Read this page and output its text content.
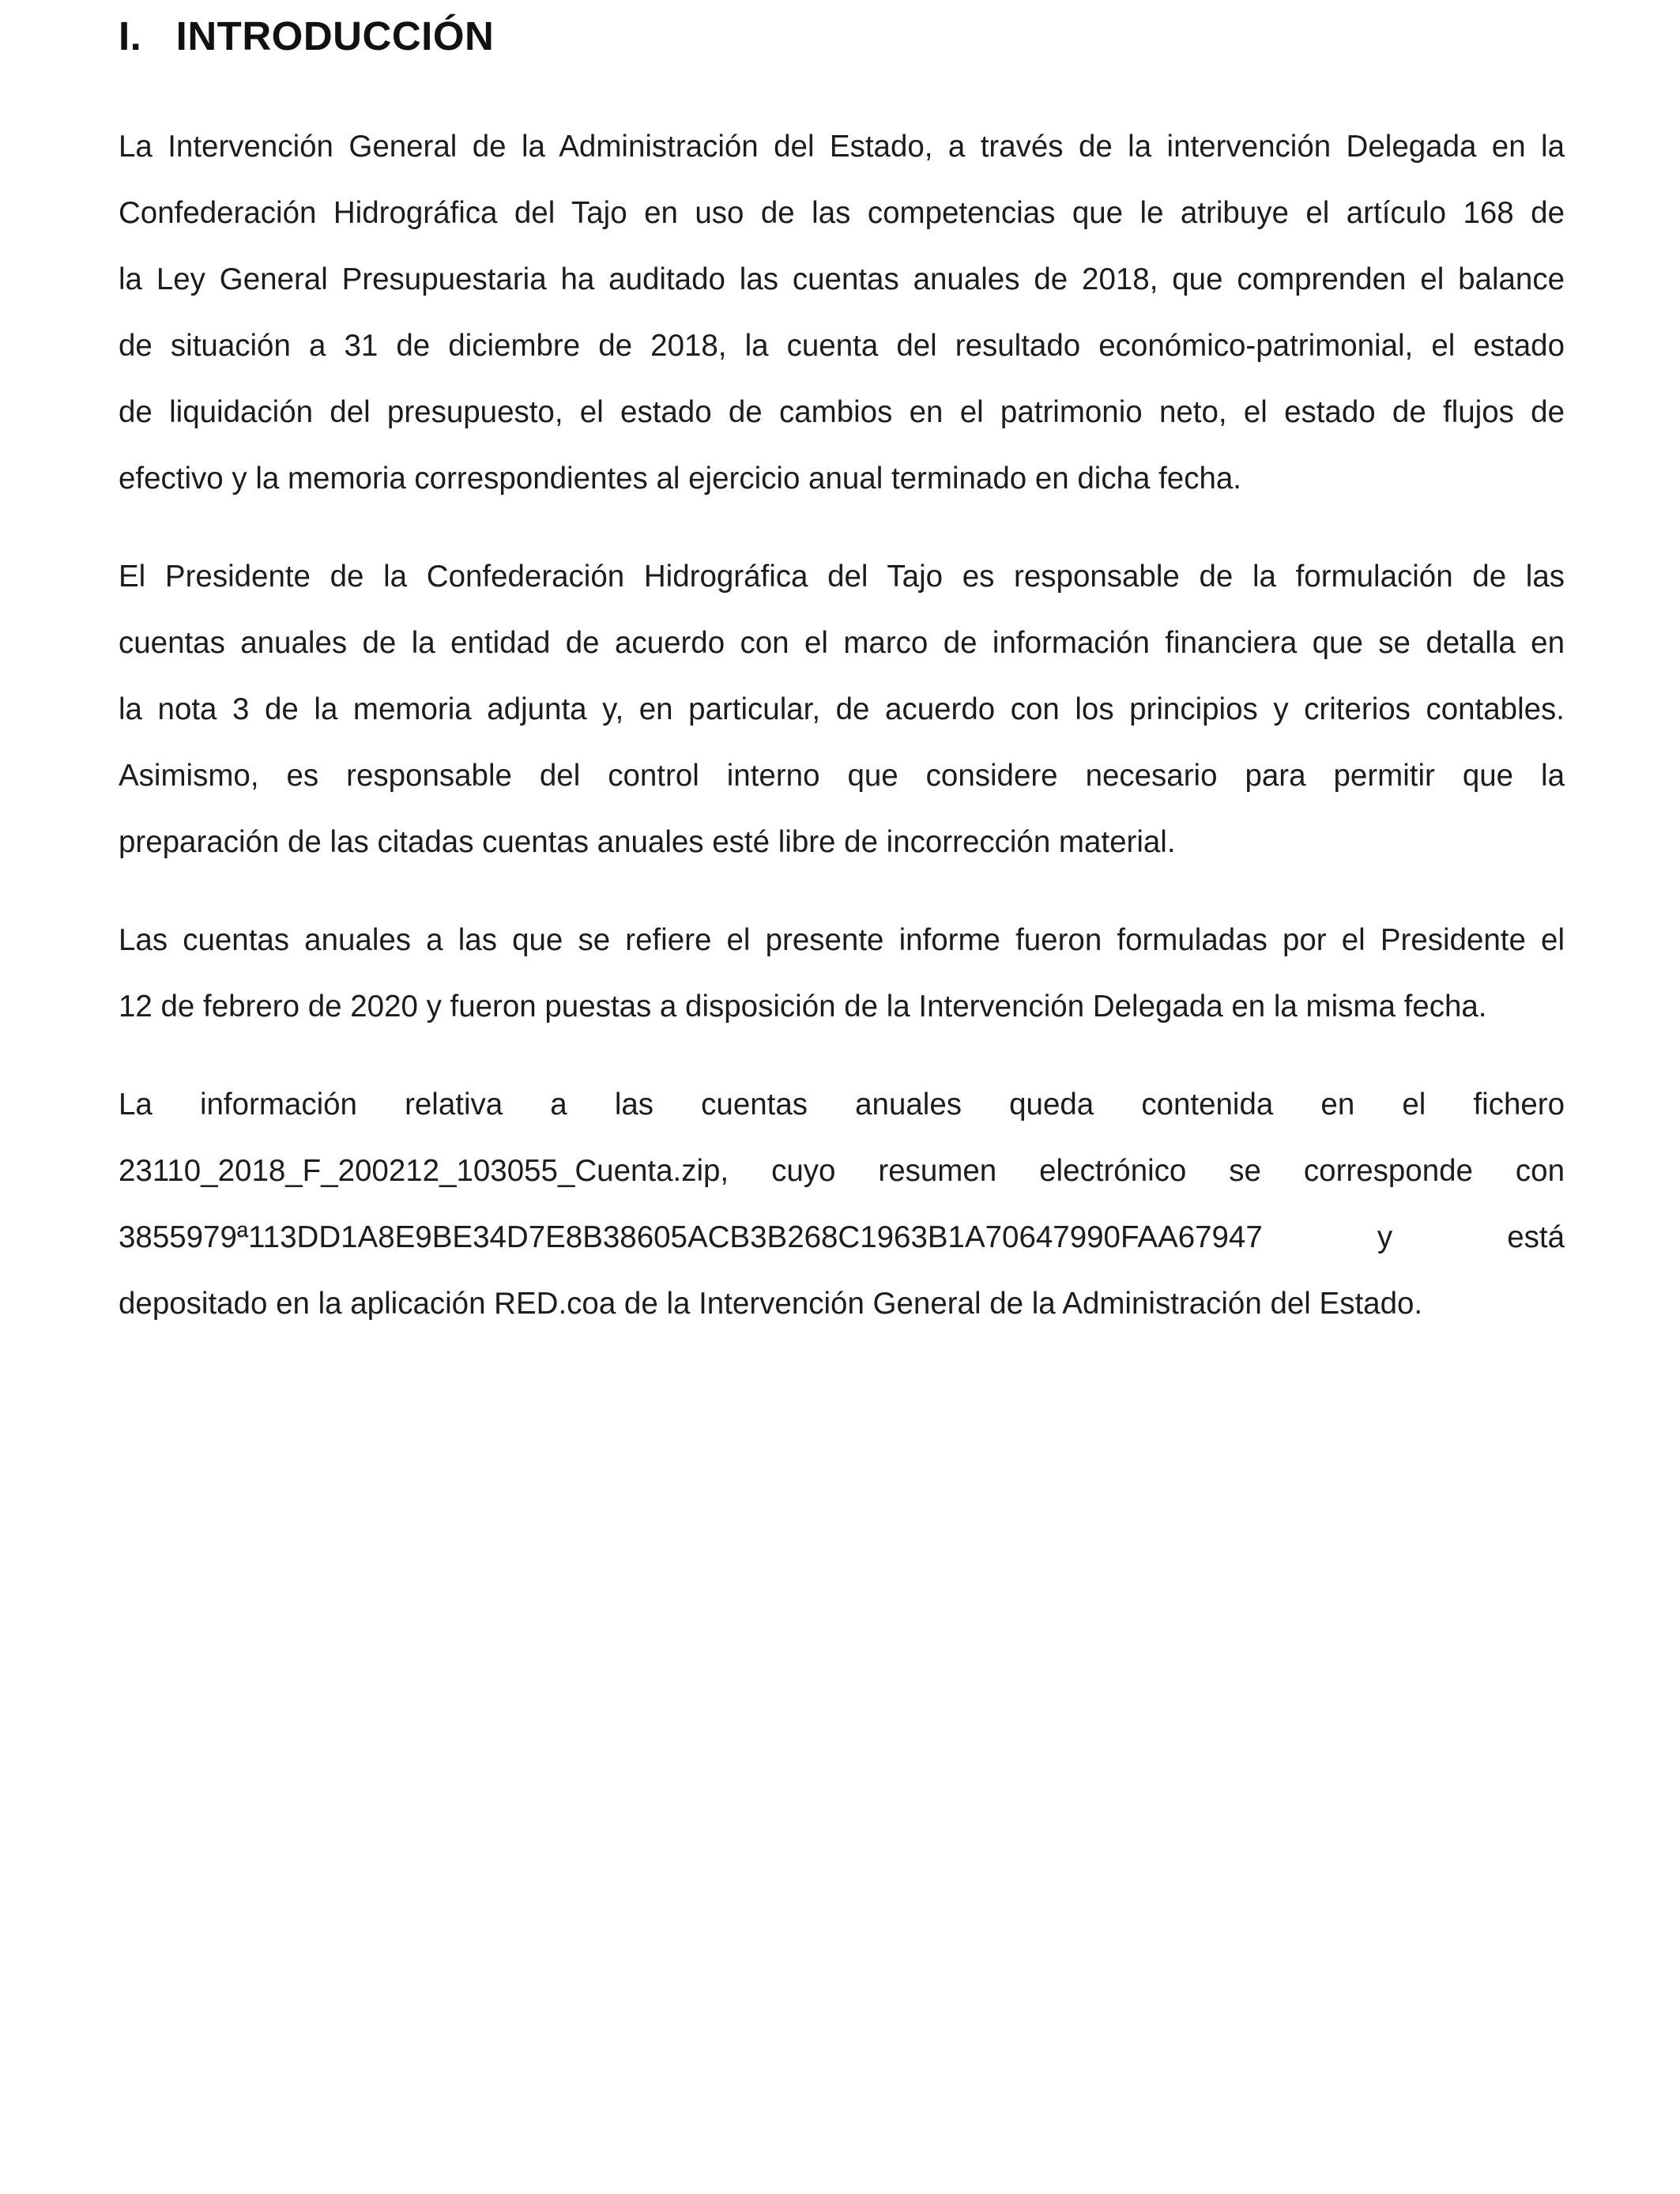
I. INTRODUCCIÓN

La Intervención General de la Administración del Estado, a través de la intervención Delegada en la
Confederación Hidrográfica del Tajo en uso de las competencias que le atribuye el artículo 168 de
la Ley General Presupuestaria ha auditado las cuentas anuales de 2018, que comprenden el balance
de situación a 31 de diciembre de 2018, la cuenta del resultado económico-patrimonial, el estado
de liquidación del presupuesto, el estado de cambios en el patrimonio neto, el estado de flujos de
efectivo y la memoria correspondientes al ejercicio anual terminado en dicha fecha.

El Presidente de la Confederación Hidrográfica del Tajo es responsable de la formulación de las
cuentas anuales de la entidad de acuerdo con el marco de información financiera que se detalla en
la nota 3 de la memoria adjunta y, en particular, de acuerdo con los principios y criterios contables.
Asimismo, es responsable del control interno que considere necesario para permitir que la
preparación de las citadas cuentas anuales esté libre de incorrección material.

Las cuentas anuales a las que se refiere el presente informe fueron formuladas por el Presidente el
12 de febrero de 2020 y fueron puestas a disposición de la Intervención Delegada en la misma fecha.

La información relativa a las cuentas anuales queda contenida en el fichero
23110_2018_F_200212_103055_Cuenta.zip, cuyo resumen electrónico se corresponde con
3855979ª113DD1A8E9BE34D7E8B38605ACB3B268C1963B1A70647990FAA67947 y está
depositado en la aplicación RED.coa de la Intervención General de la Administración del Estado.
